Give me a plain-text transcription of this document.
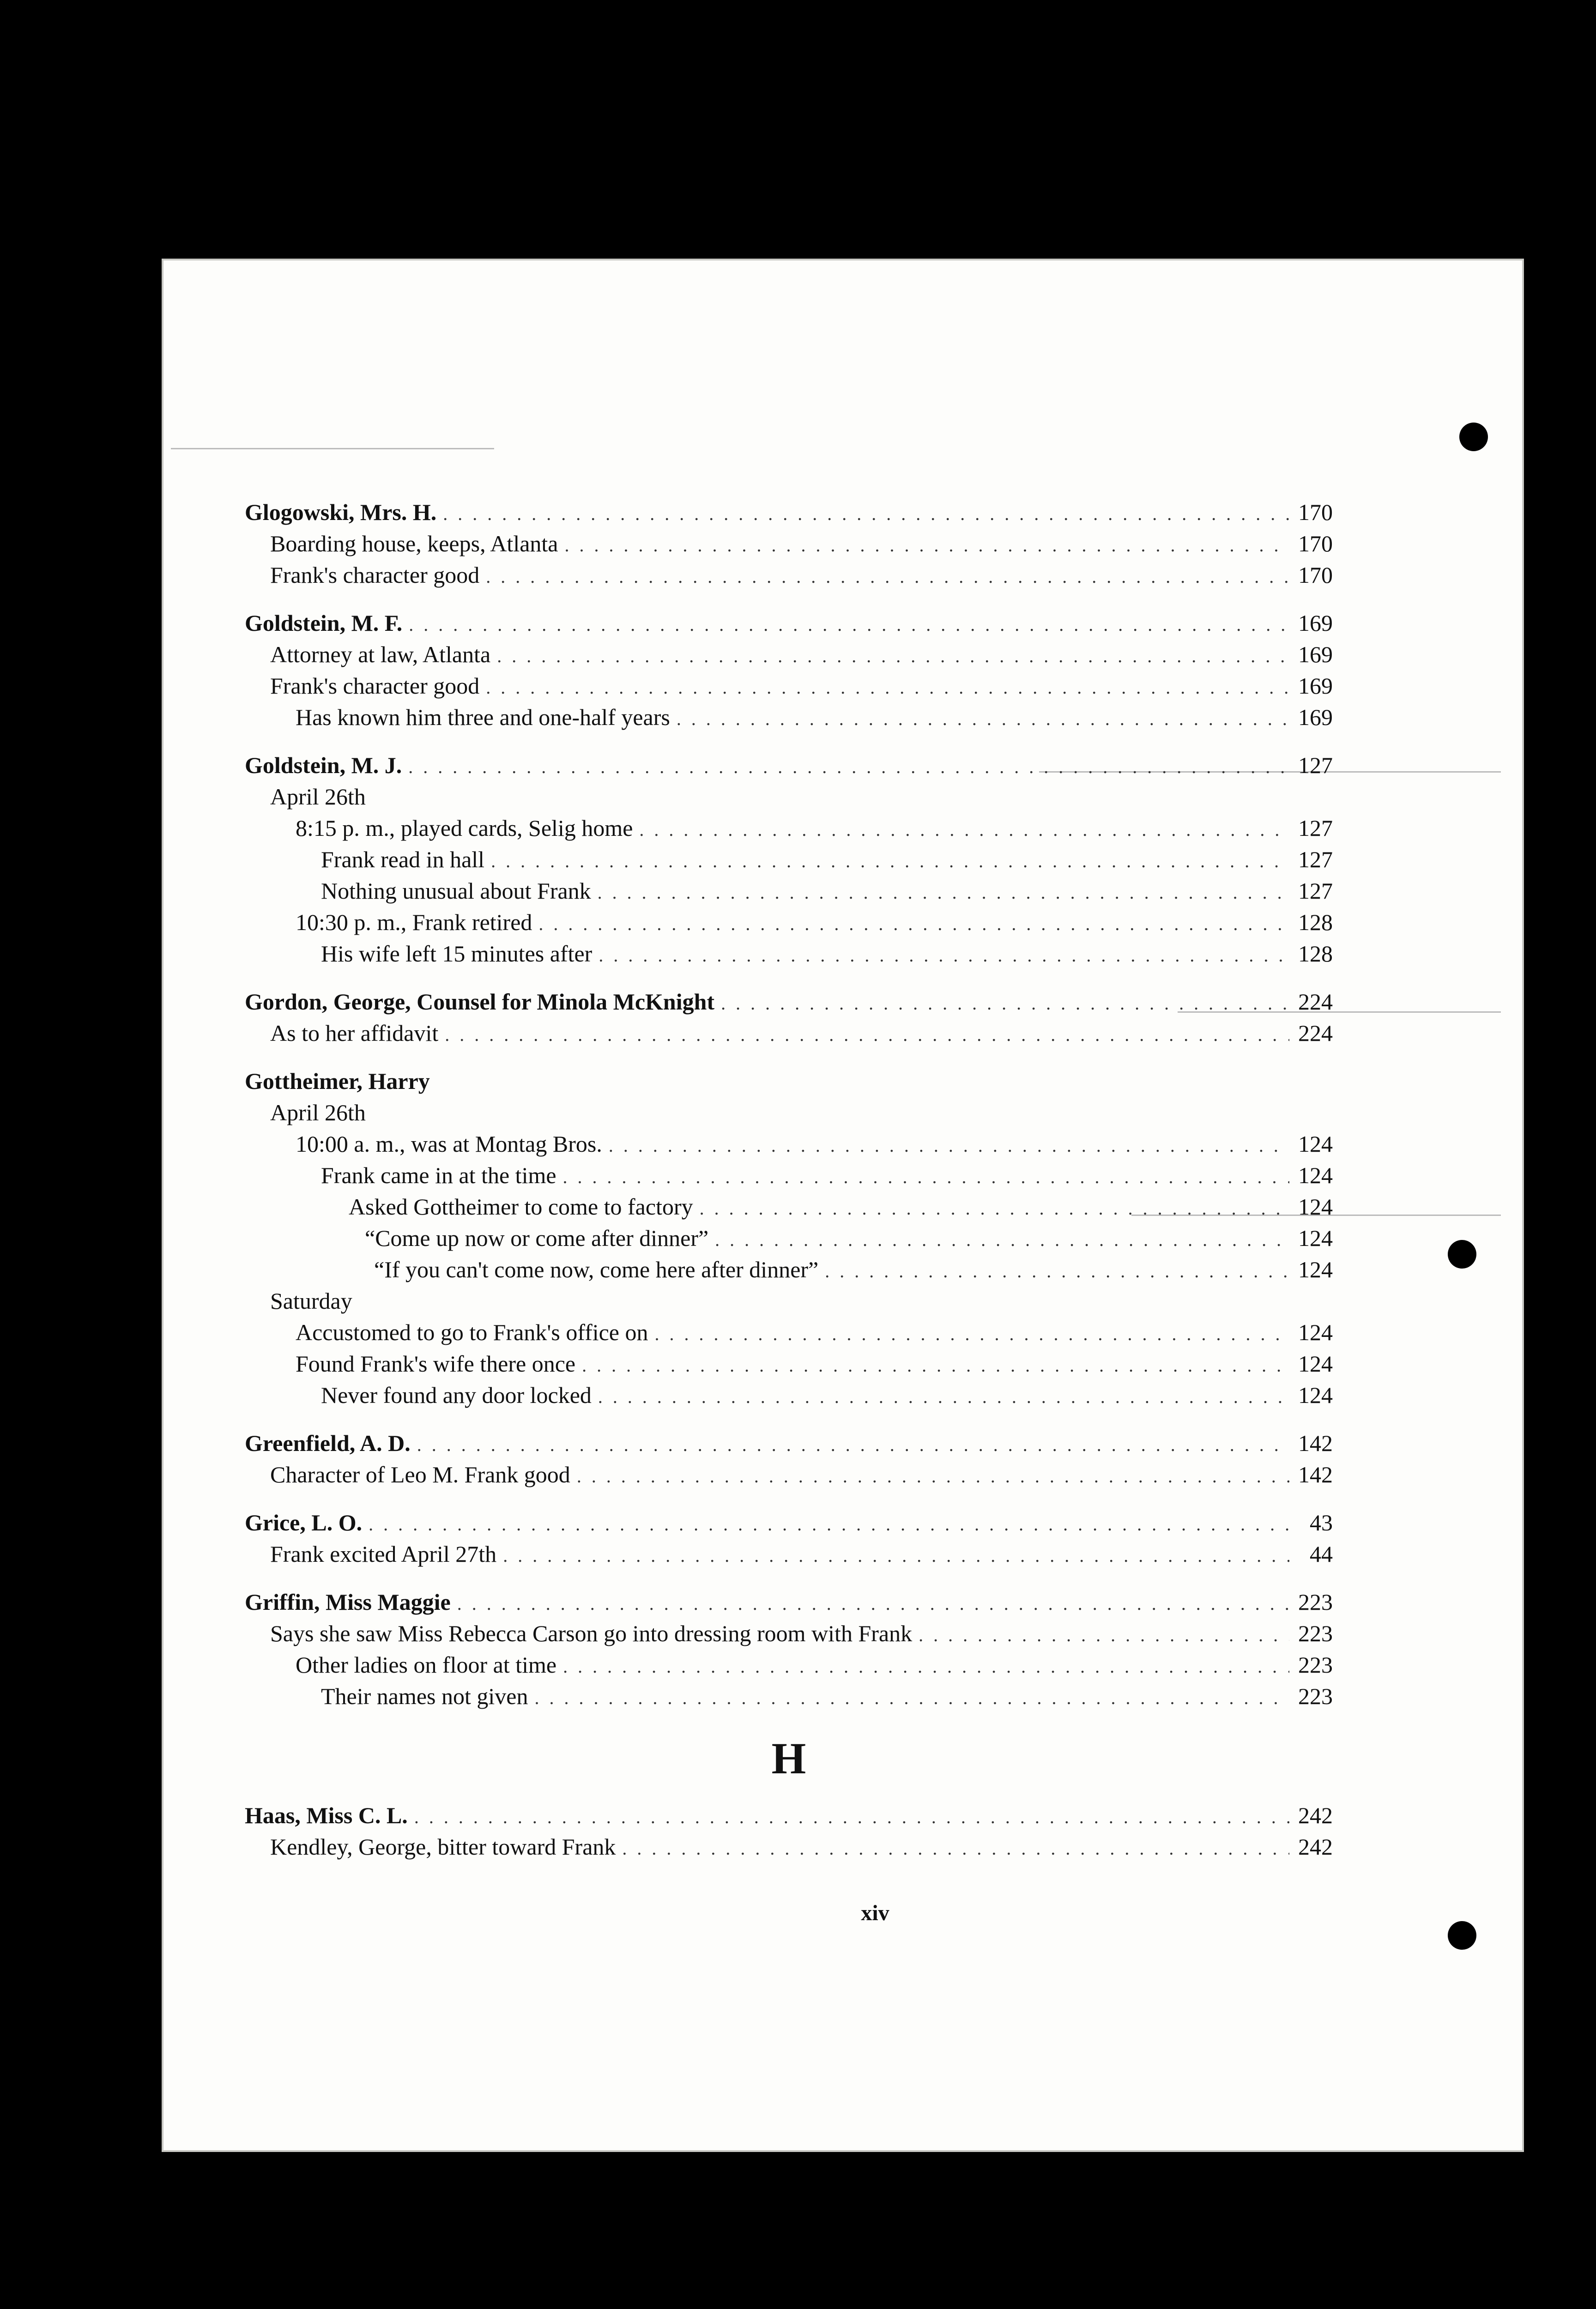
Glogowski, Mrs. H. . . .	170
Boarding house, keeps, Atlanta . . .	170
Frank's character good . . .	170
Goldstein, M. F. . . .	169
Attorney at law, Atlanta . . .	169
Frank's character good . . .	169
Has known him three and one-half years . . .	169
Goldstein, M. J. . . .	127
April 26th
8:15 p. m., played cards, Selig home . . .	127
Frank read in hall . . .	127
Nothing unusual about Frank . . .	127
10:30 p. m., Frank retired . . .	128
His wife left 15 minutes after . . .	128
Gordon, George, Counsel for Minola McKnight . . .	224
As to her affidavit . . .	224
Gottheimer, Harry
April 26th
10:00 a. m., was at Montag Bros. . . .	124
Frank came in at the time . . .	124
Asked Gottheimer to come to factory . . .	124
“Come up now or come after dinner” . . .	124
“If you can't come now, come here after dinner” . . .	124
Saturday
Accustomed to go to Frank's office on . . .	124
Found Frank's wife there once . . .	124
Never found any door locked . . .	124
Greenfield, A. D. . . .	142
Character of Leo M. Frank good . . .	142
Grice, L. O. . . .	43
Frank excited April 27th . . .	44
Griffin, Miss Maggie . . .	223
Says she saw Miss Rebecca Carson go into dressing room with Frank . . .	223
Other ladies on floor at time . . .	223
Their names not given . . .	223
H
Haas, Miss C. L. . . .	242
Kendley, George, bitter toward Frank . . .	242
xiv
